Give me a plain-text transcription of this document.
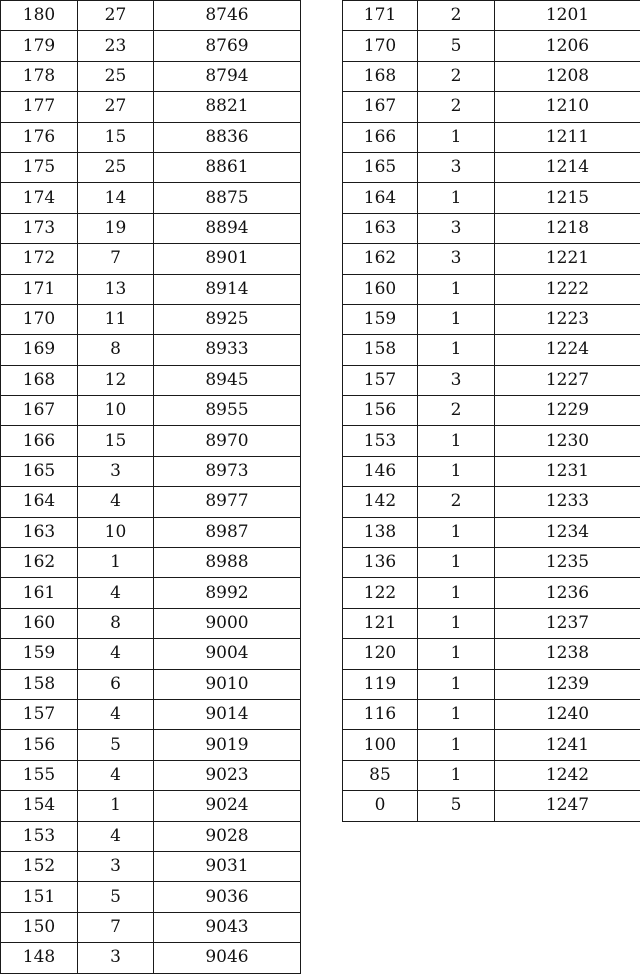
180	27	8746
179	23	8769
178	25	8794
177	27	8821
176	15	8836
175	25	8861
174	14	8875
173	19	8894
172	7	8901
171	13	8914
170	11	8925
169	8	8933
168	12	8945
167	10	8955
166	15	8970
165	3	8973
164	4	8977
163	10	8987
162	1	8988
161	4	8992
160	8	9000
159	4	9004
158	6	9010
157	4	9014
156	5	9019
155	4	9023
154	1	9024
153	4	9028
152	3	9031
151	5	9036
150	7	9043
148	3	9046
171	2	1201
170	5	1206
168	2	1208
167	2	1210
166	1	1211
165	3	1214
164	1	1215
163	3	1218
162	3	1221
160	1	1222
159	1	1223
158	1	1224
157	3	1227
156	2	1229
153	1	1230
146	1	1231
142	2	1233
138	1	1234
136	1	1235
122	1	1236
121	1	1237
120	1	1238
119	1	1239
116	1	1240
100	1	1241
85	1	1242
0	5	1247
